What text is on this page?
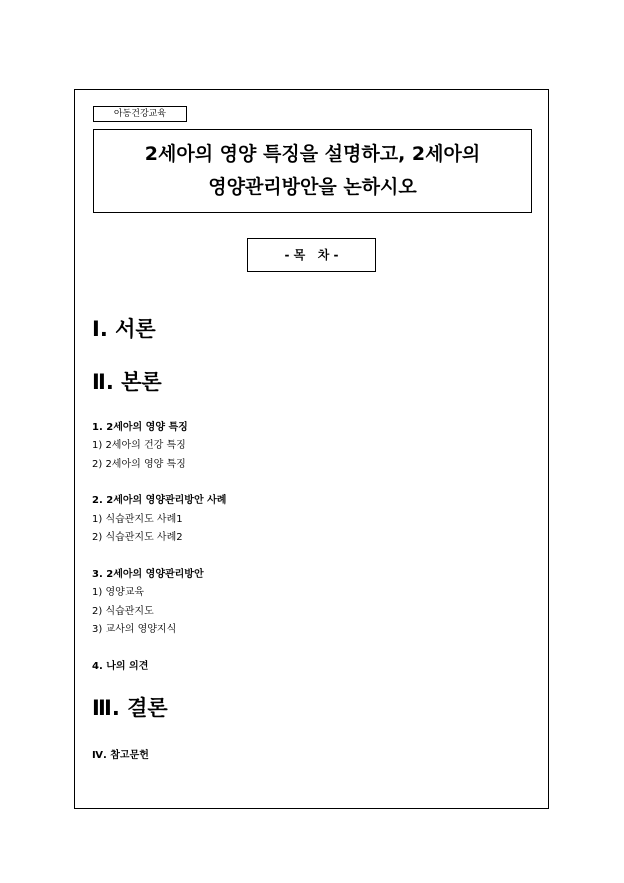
아동건강교육
2세아의 영양 특징을 설명하고, 2세아의
영양관리방안을 논하시오
- 목   차 -
Ⅰ. 서론
Ⅱ. 본론
1. 2세아의 영양 특징
1) 2세아의 건강 특징
2) 2세아의 영양 특징
2. 2세아의 영양관리방안 사례
1) 식습관지도 사례1
2) 식습관지도 사례2
3. 2세아의 영양관리방안
1) 영양교육
2) 식습관지도
3) 교사의 영양지식
4. 나의 의견
Ⅲ. 결론
Ⅳ. 참고문헌
